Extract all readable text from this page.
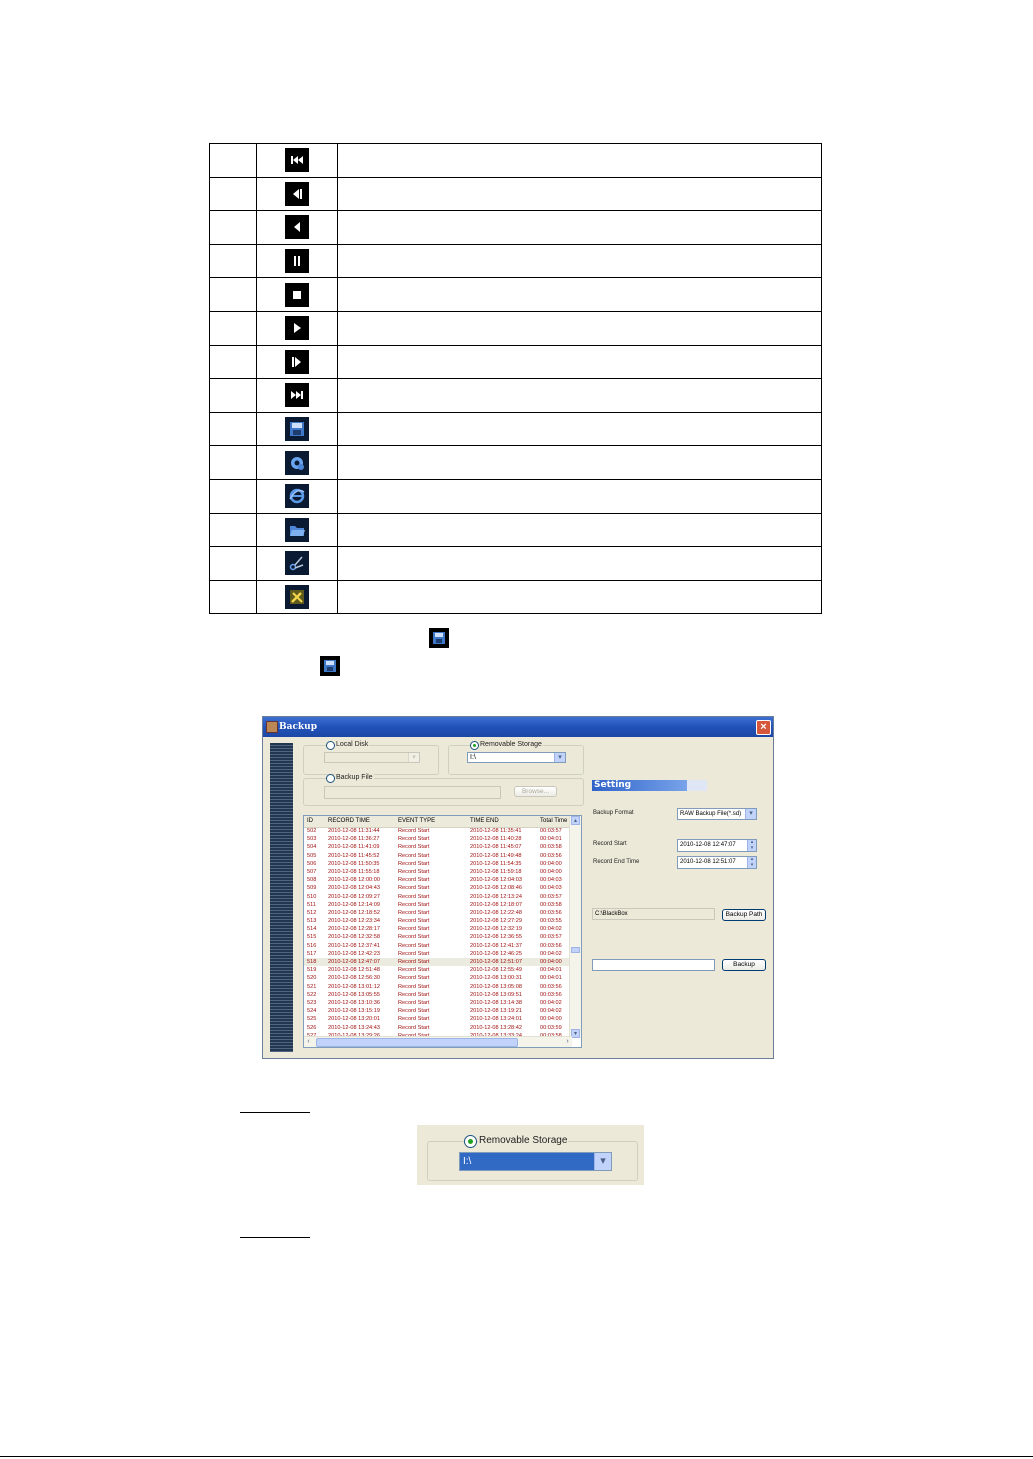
Backup	×
Local Disk
▾
Removable Storage
I:\	▾
Backup File
Browse...
ID	RECORD TIME	EVENT TYPE	TIME END	Total Time
502 2010-12-08 11:31:44	Record Start	2010-12-08 11:35:41	00:03:57
503 2010-12-08 11:36:27	Record Start	2010-12-08 11:40:28	00:04:01
504 2010-12-08 11:41:09	Record Start	2010-12-08 11:45:07	00:03:58
505 2010-12-08 11:45:52	Record Start	2010-12-08 11:49:48	00:03:56
506 2010-12-08 11:50:35	Record Start	2010-12-08 11:54:35	00:04:00
507 2010-12-08 11:55:18	Record Start	2010-12-08 11:59:18	00:04:00
508 2010-12-08 12:00:00	Record Start	2010-12-08 12:04:03	00:04:03
509 2010-12-08 12:04:43	Record Start	2010-12-08 12:08:46	00:04:03
510 2010-12-08 12:09:27	Record Start	2010-12-08 12:13:24	00:03:57
511 2010-12-08 12:14:09	Record Start	2010-12-08 12:18:07	00:03:58
512 2010-12-08 12:18:52	Record Start	2010-12-08 12:22:48	00:03:56
513 2010-12-08 12:23:34	Record Start	2010-12-08 12:27:29	00:03:55
514 2010-12-08 12:28:17	Record Start	2010-12-08 12:32:19	00:04:02
515 2010-12-08 12:32:58	Record Start	2010-12-08 12:36:55	00:03:57
516 2010-12-08 12:37:41	Record Start	2010-12-08 12:41:37	00:03:56
517 2010-12-08 12:42:23	Record Start	2010-12-08 12:46:25	00:04:02
518 2010-12-08 12:47:07	Record Start	2010-12-08 12:51:07	00:04:00
519 2010-12-08 12:51:48	Record Start	2010-12-08 12:55:49	00:04:01
520 2010-12-08 12:56:30	Record Start	2010-12-08 13:00:31	00:04:01
521 2010-12-08 13:01:12	Record Start	2010-12-08 13:05:08	00:03:56
522 2010-12-08 13:05:55	Record Start	2010-12-08 13:09:51	00:03:56
523 2010-12-08 13:10:36	Record Start	2010-12-08 13:14:38	00:04:02
524 2010-12-08 13:15:19	Record Start	2010-12-08 13:19:21	00:04:02
525 2010-12-08 13:20:01	Record Start	2010-12-08 13:24:01	00:04:00
526 2010-12-08 13:24:43	Record Start	2010-12-08 13:28:42	00:03:59
▴
▾
‹	›
Setting
Backup Format	RAW Backup File(*.sd)	▾
Record Start	2010-12-08 12:47:07	▴
▾
Record End Time	2010-12-08 12:51:07	▴
▾
C:\BlackBox	Backup Path
Backup
Removable Storage
I:\	▾
